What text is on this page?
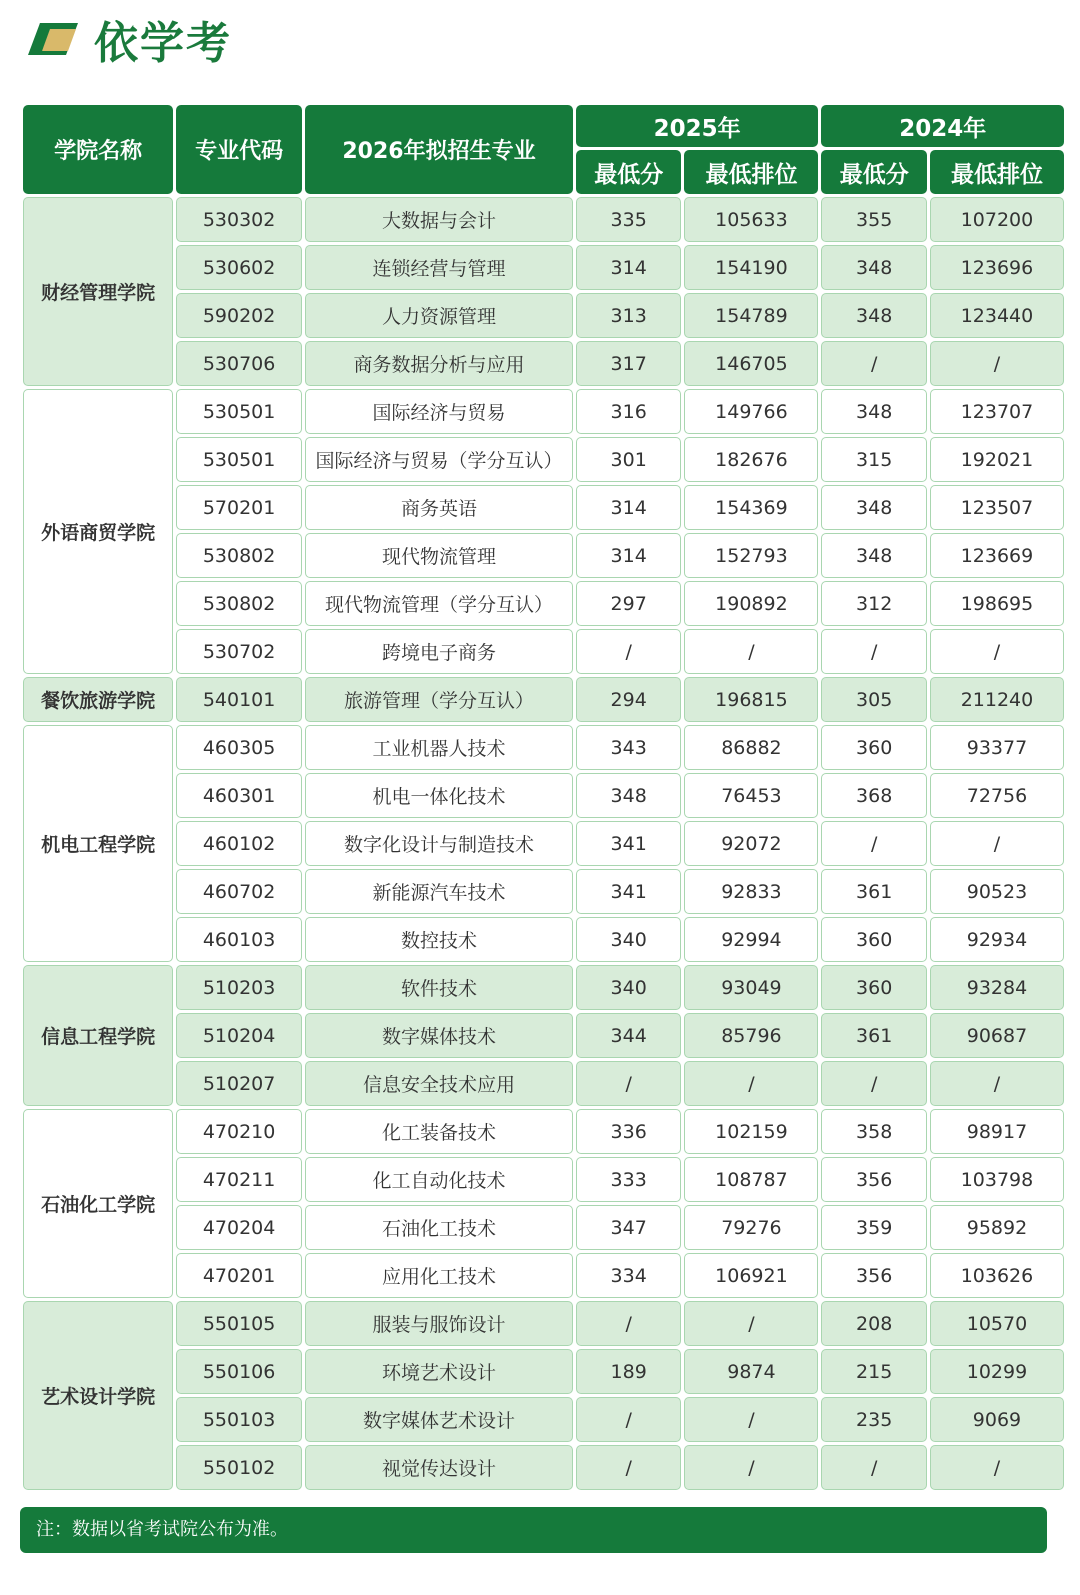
依学考
学院名称	专业代码	2026年拟招生专业	2025年		2024年	
			最低分	最低排位	最低分	最低排位
财经管理学院	530302	大数据与会计	335	105633	355	107200
	530602	连锁经营与管理	314	154190	348	123696
	590202	人力资源管理	313	154789	348	123440
	530706	商务数据分析与应用	317	146705	/	/
外语商贸学院	530501	国际经济与贸易	316	149766	348	123707
	530501	国际经济与贸易（学分互认）	301	182676	315	192021
	570201	商务英语	314	154369	348	123507
	530802	现代物流管理	314	152793	348	123669
	530802	现代物流管理（学分互认）	297	190892	312	198695
	530702	跨境电子商务	/	/	/	/
餐饮旅游学院	540101	旅游管理（学分互认）	294	196815	305	211240
机电工程学院	460305	工业机器人技术	343	86882	360	93377
	460301	机电一体化技术	348	76453	368	72756
	460102	数字化设计与制造技术	341	92072	/	/
	460702	新能源汽车技术	341	92833	361	90523
	460103	数控技术	340	92994	360	92934
信息工程学院	510203	软件技术	340	93049	360	93284
	510204	数字媒体技术	344	85796	361	90687
	510207	信息安全技术应用	/	/	/	/
石油化工学院	470210	化工装备技术	336	102159	358	98917
	470211	化工自动化技术	333	108787	356	103798
	470204	石油化工技术	347	79276	359	95892
	470201	应用化工技术	334	106921	356	103626
艺术设计学院	550105	服装与服饰设计	/	/	208	10570
	550106	环境艺术设计	189	9874	215	10299
	550103	数字媒体艺术设计	/	/	235	9069
	550102	视觉传达设计	/	/	/	/
注：数据以省考试院公布为准。
